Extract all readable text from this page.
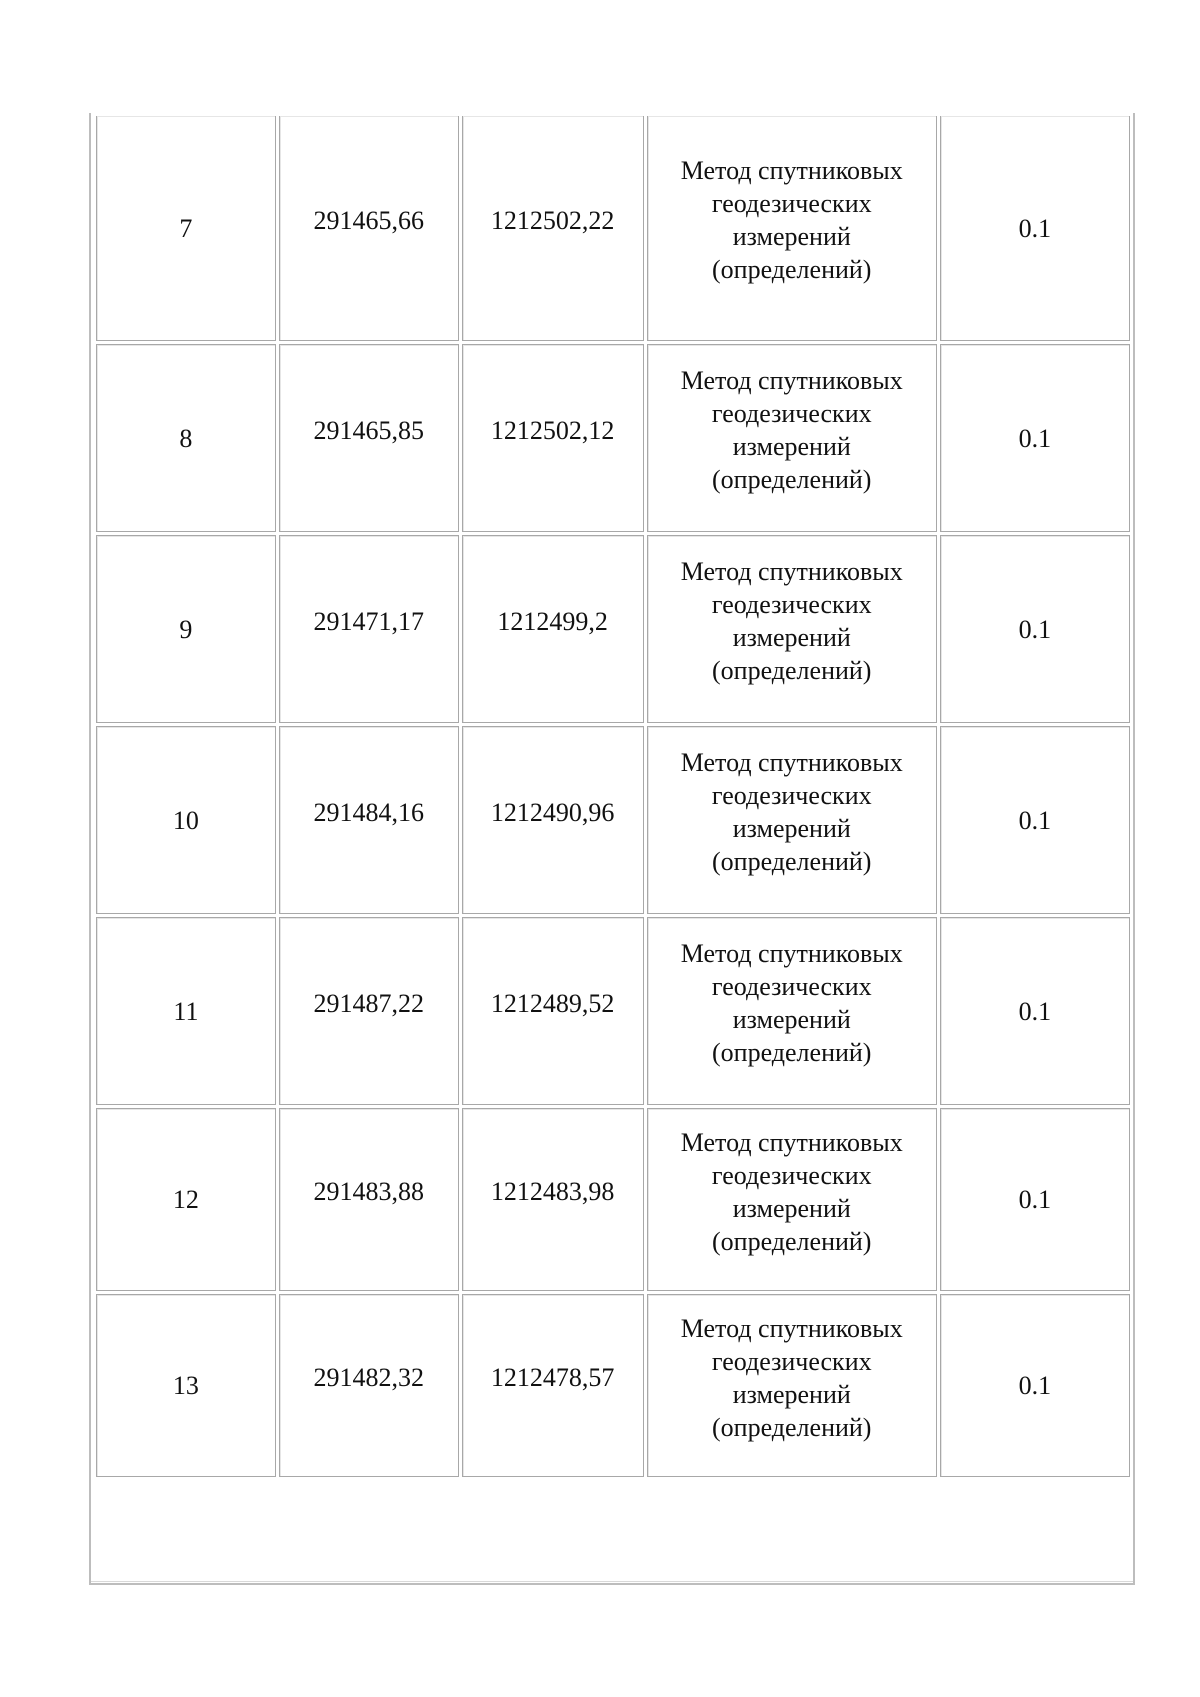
7	291465,66	1212502,22	Метод спутниковых геодезических измерений (определений)	0.1

8	291465,85	1212502,12	Метод спутниковых геодезических измерений (определений)	0.1

9	291471,17	1212499,2	Метод спутниковых геодезических измерений (определений)	0.1

10	291484,16	1212490,96	Метод спутниковых геодезических измерений (определений)	0.1

11	291487,22	1212489,52	Метод спутниковых геодезических измерений (определений)	0.1

12	291483,88	1212483,98	Метод спутниковых геодезических измерений (определений)	0.1

13	291482,32	1212478,57	Метод спутниковых геодезических измерений (определений)	0.1
